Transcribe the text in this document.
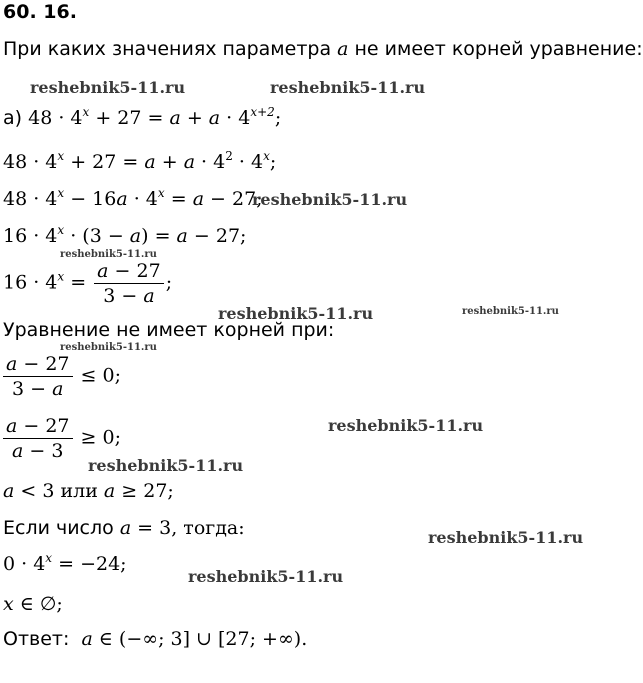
60. 16.
При каких значениях параметра a не имеет корней уравнение:
а) $48 \cdot 4^x + 27 = a + a \cdot 4^{x+2}$;
$48 \cdot 4^x + 27 = a + a \cdot 4^2 \cdot 4^x$;
$48 \cdot 4^x - 16a \cdot 4^x = a - 27$;
$16 \cdot 4^x \cdot (3 - a) = a - 27$;
$16 \cdot 4^x = \frac{a - 27}{3 - a}$ ;
Уравнение не имеет корней при:
$\frac{a - 27}{3 - a} \le 0$;
$\frac{a - 27}{a - 3} \ge 0$;
a < 3 или a ≥ 27;
Если число a = 3, тогда:
$0 \cdot 4^x = -24$;
x ∈ ∅;
Ответ: a ∈ (−∞; 3] ∪ [27; +∞).
reshebnik5-11.ru	reshebnik5-11.ru
reshebnik5-11.ru
reshebnik5-11.ru
reshebnik5-11.ru	reshebnik5-11.ru
reshebnik5-11.ru
reshebnik5-11.ru
reshebnik5-11.ru
reshebnik5-11.ru
reshebnik5-11.ru
